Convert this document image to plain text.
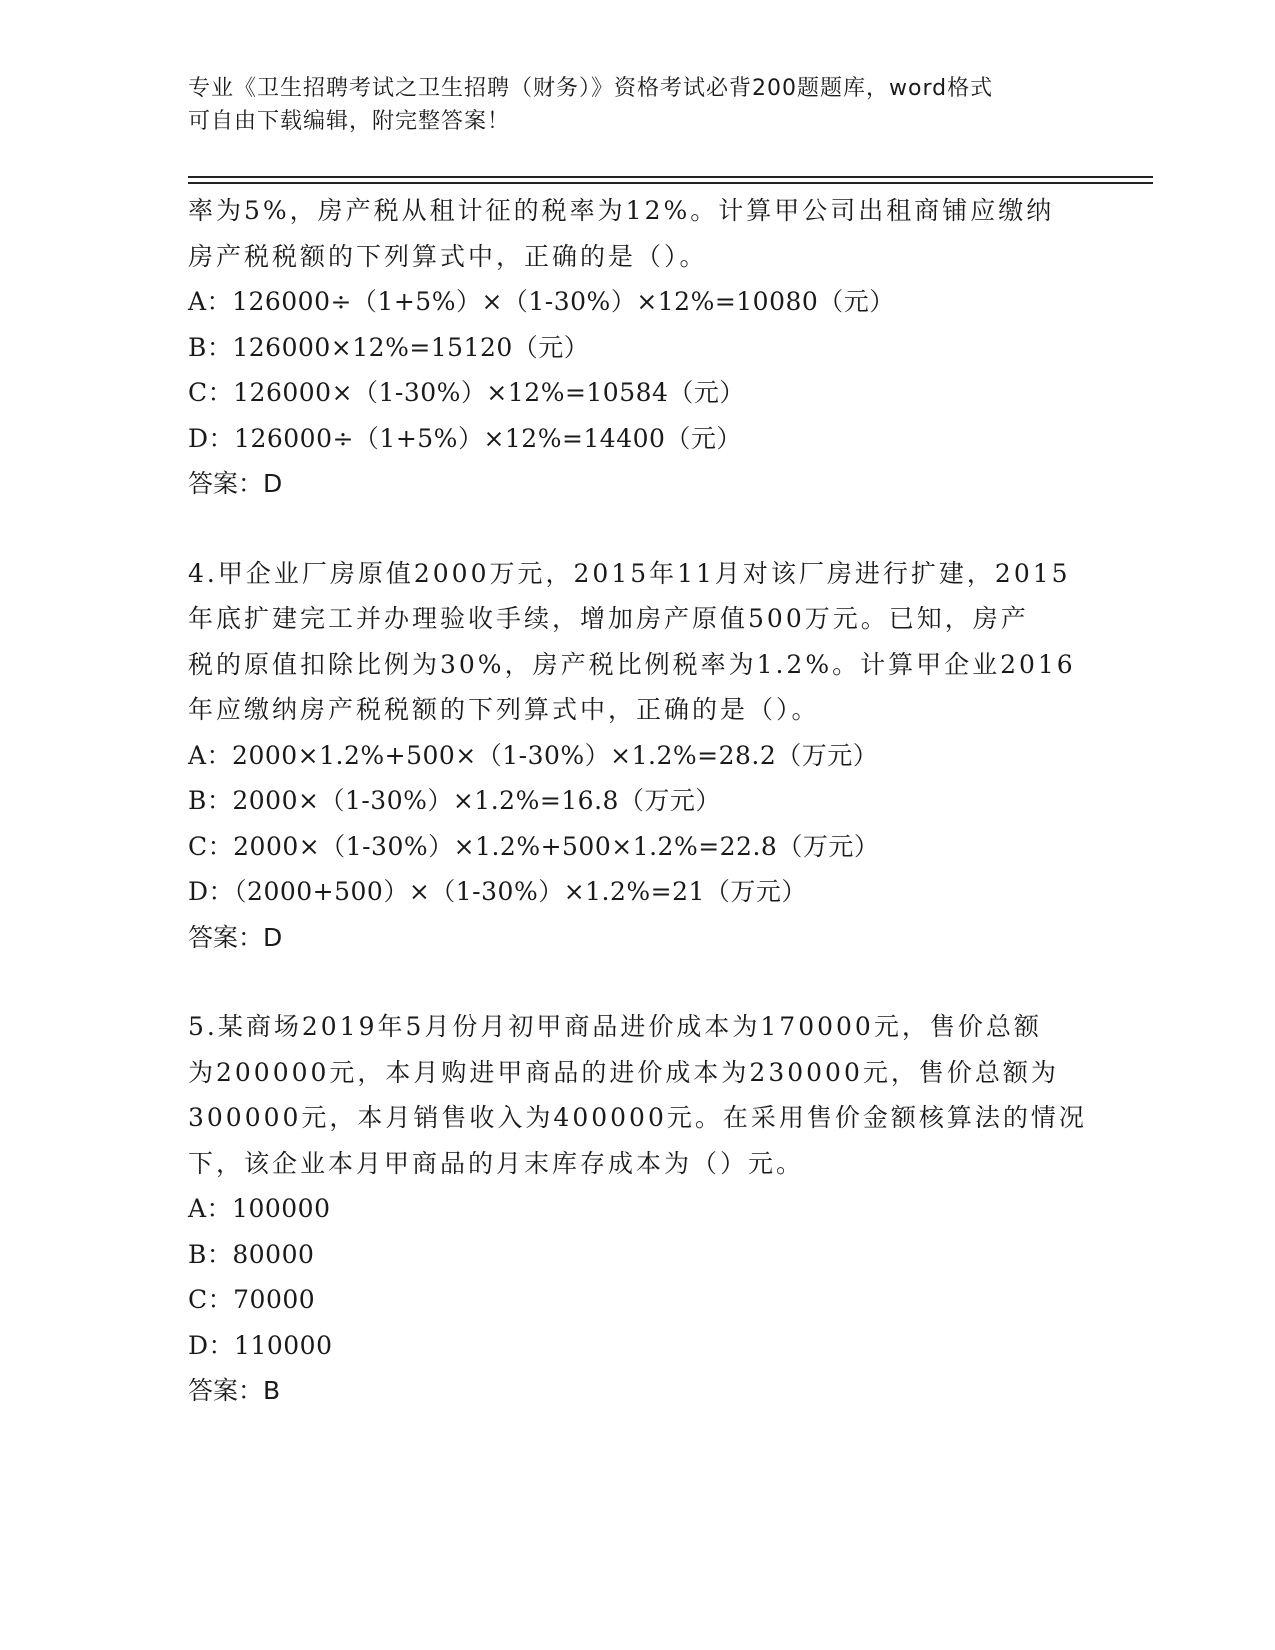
专业《卫生招聘考试之卫生招聘（财务）》资格考试必背200题题库，word格式
可自由下载编辑，附完整答案！

率为5%，房产税从租计征的税率为12%。计算甲公司出租商铺应缴纳

房产税税额的下列算式中，正确的是（）。

A：126000÷（1+5%）×（1-30%）×12%=10080（元）

B：126000×12%=15120（元）

C：126000×（1-30%）×12%=10584（元）

D：126000÷（1+5%）×12%=14400（元）

答案：D

4.甲企业厂房原值2000万元，2015年11月对该厂房进行扩建，2015

年底扩建完工并办理验收手续，增加房产原值500万元。已知，房产

税的原值扣除比例为30%，房产税比例税率为1.2%。计算甲企业2016

年应缴纳房产税税额的下列算式中，正确的是（）。

A：2000×1.2%+500×（1-30%）×1.2%=28.2（万元）

B：2000×（1-30%）×1.2%=16.8（万元）

C：2000×（1-30%）×1.2%+500×1.2%=22.8（万元）

D：（2000+500）×（1-30%）×1.2%=21（万元）

答案：D

5.某商场2019年5月份月初甲商品进价成本为170000元，售价总额

为200000元，本月购进甲商品的进价成本为230000元，售价总额为

300000元，本月销售收入为400000元。在采用售价金额核算法的情况

下，该企业本月甲商品的月末库存成本为（）元。

A：100000

B：80000

C：70000

D：110000

答案：B
